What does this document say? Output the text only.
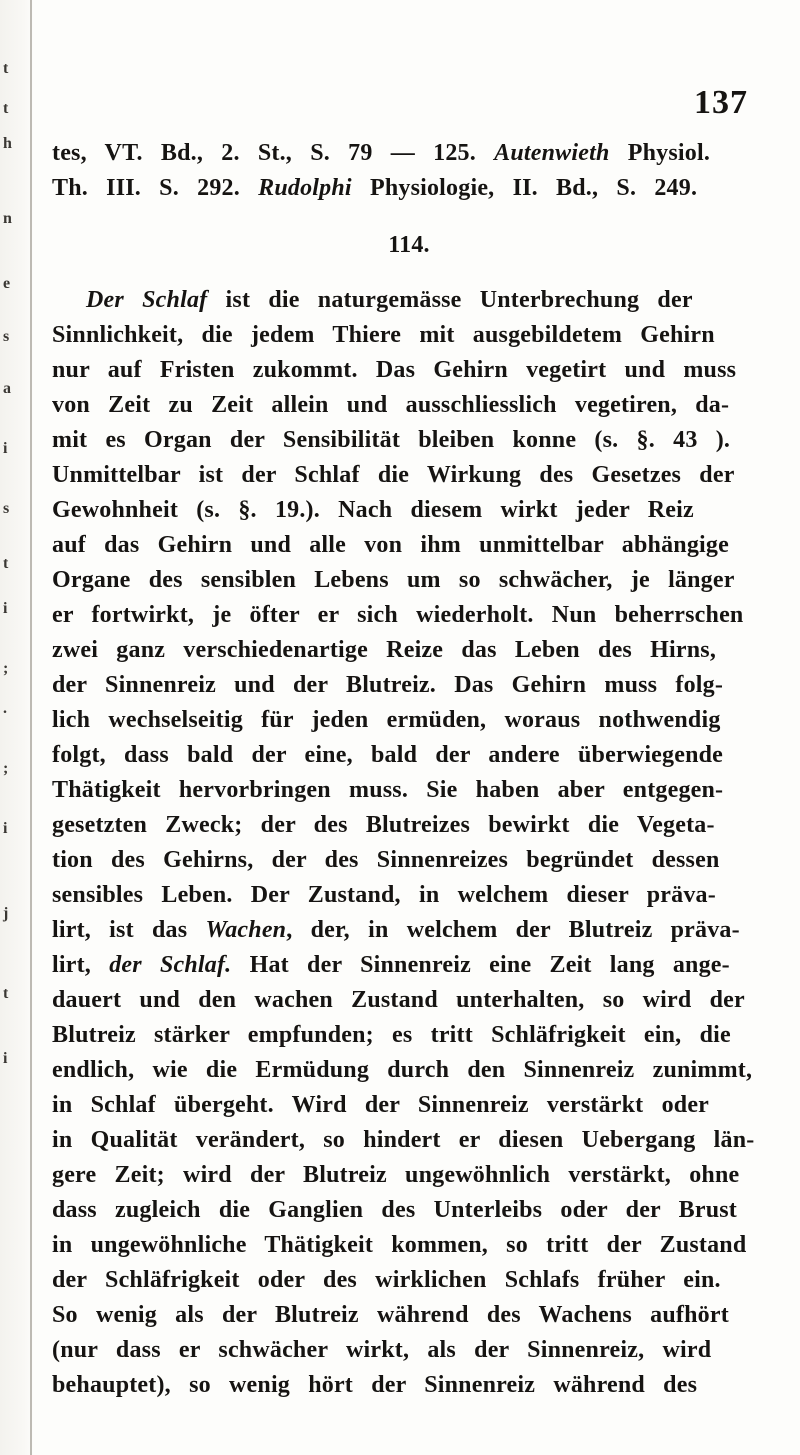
t
t
h
n
e
s
a
i
s
t
i
;
.
;
i
j
t
i
137
tes, VT. Bd., 2. St., S. 79 — 125. Autenwieth Physiol.
Th. III. S. 292. Rudolphi Physiologie, II. Bd., S. 249.
114.
Der Schlaf ist die naturgemässe Unterbrechung der
Sinnlichkeit, die jedem Thiere mit ausgebildetem Gehirn
nur auf Fristen zukommt. Das Gehirn vegetirt und muss
von Zeit zu Zeit allein und ausschliesslich vegetiren, da-
mit es Organ der Sensibilität bleiben konne (s. §. 43 ).
Unmittelbar ist der Schlaf die Wirkung des Gesetzes der
Gewohnheit (s. §. 19.). Nach diesem wirkt jeder Reiz
auf das Gehirn und alle von ihm unmittelbar abhängige
Organe des sensiblen Lebens um so schwächer, je länger
er fortwirkt, je öfter er sich wiederholt. Nun beherrschen
zwei ganz verschiedenartige Reize das Leben des Hirns,
der Sinnenreiz und der Blutreiz. Das Gehirn muss folg-
lich wechselseitig für jeden ermüden, woraus nothwendig
folgt, dass bald der eine, bald der andere überwiegende
Thätigkeit hervorbringen muss. Sie haben aber entgegen-
gesetzten Zweck; der des Blutreizes bewirkt die Vegeta-
tion des Gehirns, der des Sinnenreizes begründet dessen
sensibles Leben. Der Zustand, in welchem dieser präva-
lirt, ist das Wachen, der, in welchem der Blutreiz präva-
lirt, der Schlaf. Hat der Sinnenreiz eine Zeit lang ange-
dauert und den wachen Zustand unterhalten, so wird der
Blutreiz stärker empfunden; es tritt Schläfrigkeit ein, die
endlich, wie die Ermüdung durch den Sinnenreiz zunimmt,
in Schlaf übergeht. Wird der Sinnenreiz verstärkt oder
in Qualität verändert, so hindert er diesen Uebergang län-
gere Zeit; wird der Blutreiz ungewöhnlich verstärkt, ohne
dass zugleich die Ganglien des Unterleibs oder der Brust
in ungewöhnliche Thätigkeit kommen, so tritt der Zustand
der Schläfrigkeit oder des wirklichen Schlafs früher ein.
So wenig als der Blutreiz während des Wachens aufhört
(nur dass er schwächer wirkt, als der Sinnenreiz, wird
behauptet), so wenig hört der Sinnenreiz während des
